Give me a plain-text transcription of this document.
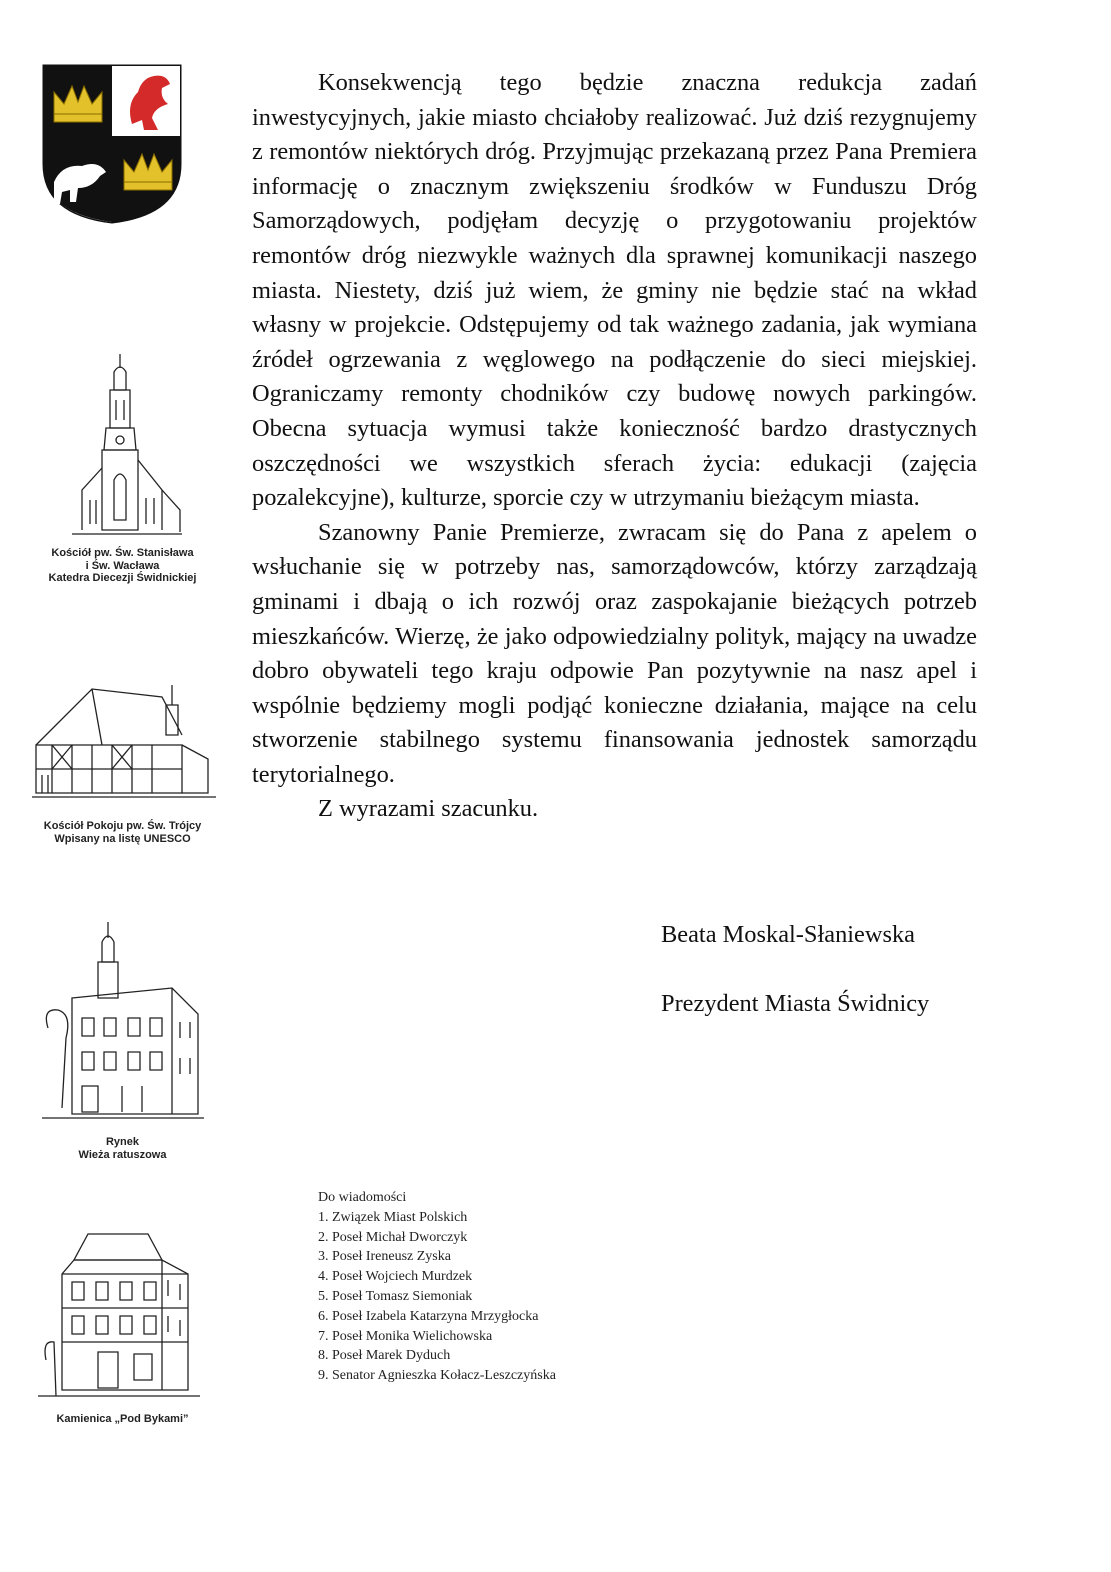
Kościół pw. Św. Stanisława
i Św. Wacława
Katedra Diecezji Świdnickiej
Kościół Pokoju pw. Św. Trójcy
Wpisany na listę UNESCO
Rynek
Wieża ratuszowa
Kamienica „Pod Bykami”

Konsekwencją tego będzie znaczna redukcja zadań inwestycyjnych, jakie miasto chciałoby realizować. Już dziś rezygnujemy z remontów niektórych dróg. Przyjmując przekazaną przez Pana Premiera informację o znacznym zwiększeniu środków w Funduszu Dróg Samorządowych, podjęłam decyzję o przygotowaniu projektów remontów dróg niezwykle ważnych dla sprawnej komunikacji naszego miasta. Niestety, dziś już wiem, że gminy nie będzie stać na wkład własny w projekcie. Odstępujemy od tak ważnego zadania, jak wymiana źródeł ogrzewania z węglowego na podłączenie do sieci miejskiej. Ograniczamy remonty chodników czy budowę nowych parkingów. Obecna sytuacja wymusi także konieczność bardzo drastycznych oszczędności we wszystkich sferach życia: edukacji (zajęcia pozalekcyjne), kulturze, sporcie czy w utrzymaniu bieżącym miasta.

Szanowny Panie Premierze, zwracam się do Pana z apelem o wsłuchanie się w potrzeby nas, samorządowców, którzy zarządzają gminami i dbają o ich rozwój oraz zaspokajanie bieżących potrzeb mieszkańców. Wierzę, że jako odpowiedzialny polityk, mający na uwadze dobro obywateli tego kraju odpowie Pan pozytywnie na nasz apel i wspólnie będziemy mogli podjąć konieczne działania, mające na celu stworzenie stabilnego systemu finansowania jednostek samorządu terytorialnego.

Z wyrazami szacunku.

Beata Moskal-Słaniewska
Prezydent Miasta Świdnicy
Do wiadomości
1. Związek Miast Polskich
2. Poseł Michał Dworczyk
3. Poseł Ireneusz Zyska
4. Poseł Wojciech Murdzek
5. Poseł Tomasz Siemoniak
6. Poseł Izabela Katarzyna Mrzygłocka
7. Poseł Monika Wielichowska
8. Poseł Marek Dyduch
9. Senator Agnieszka Kołacz-Leszczyńska
